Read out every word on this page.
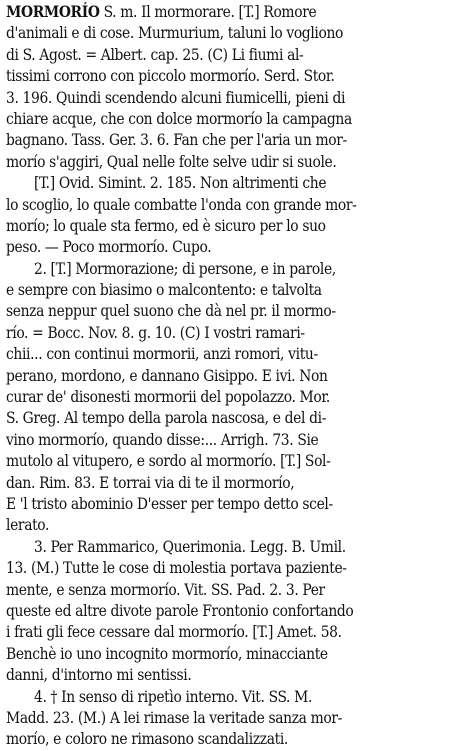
MORMORÍO S. m. Il mormorare. [T.] Romore
d'animali e di cose. Murmurium, taluni lo vogliono
di S. Agost. = Albert. cap. 25. (C) Li fiumi al-
tissimi corrono con piccolo mormorío. Serd. Stor.
3. 196. Quindi scendendo alcuni fiumicelli, pieni di
chiare acque, che con dolce mormorío la campagna
bagnano. Tass. Ger. 3. 6. Fan che per l'aria un mor-
morío s'aggiri, Qual nelle folte selve udir si suole.
[T.] Ovid. Simint. 2. 185. Non altrimenti che
lo scoglio, lo quale combatte l'onda con grande mor-
morío; lo quale sta fermo, ed è sicuro per lo suo
peso. — Poco mormorío. Cupo.
2. [T.] Mormorazione; di persone, e in parole,
e sempre con biasimo o malcontento: e talvolta
senza neppur quel suono che dà nel pr. il mormo-
río. = Bocc. Nov. 8. g. 10. (C) I vostri ramari-
chii... con continui mormorii, anzi romori, vitu-
perano, mordono, e dannano Gisippo. E ivi. Non
curar de' disonesti mormorii del popolazzo. Mor.
S. Greg. Al tempo della parola nascosa, e del di-
vino mormorío, quando disse:... Arrigh. 73. Sie
mutolo al vitupero, e sordo al mormorío. [T.] Sol-
dan. Rim. 83. E torrai via di te il mormorío,
E 'l tristo abominio D'esser per tempo detto scel-
lerato.
3. Per Rammarico, Querimonia. Legg. B. Umil.
13. (M.) Tutte le cose di molestia portava paziente-
mente, e senza mormorío. Vit. SS. Pad. 2. 3. Per
queste ed altre divote parole Frontonio confortando
i frati gli fece cessare dal mormorío. [T.] Amet. 58.
Benchè io uno incognito mormorío, minacciante
danni, d'intorno mi sentissi.
4. † In senso di ripetìo interno. Vit. SS. M.
Madd. 23. (M.) A lei rimase la veritade sanza mor-
morío, e coloro ne rimasono scandalizzati.
